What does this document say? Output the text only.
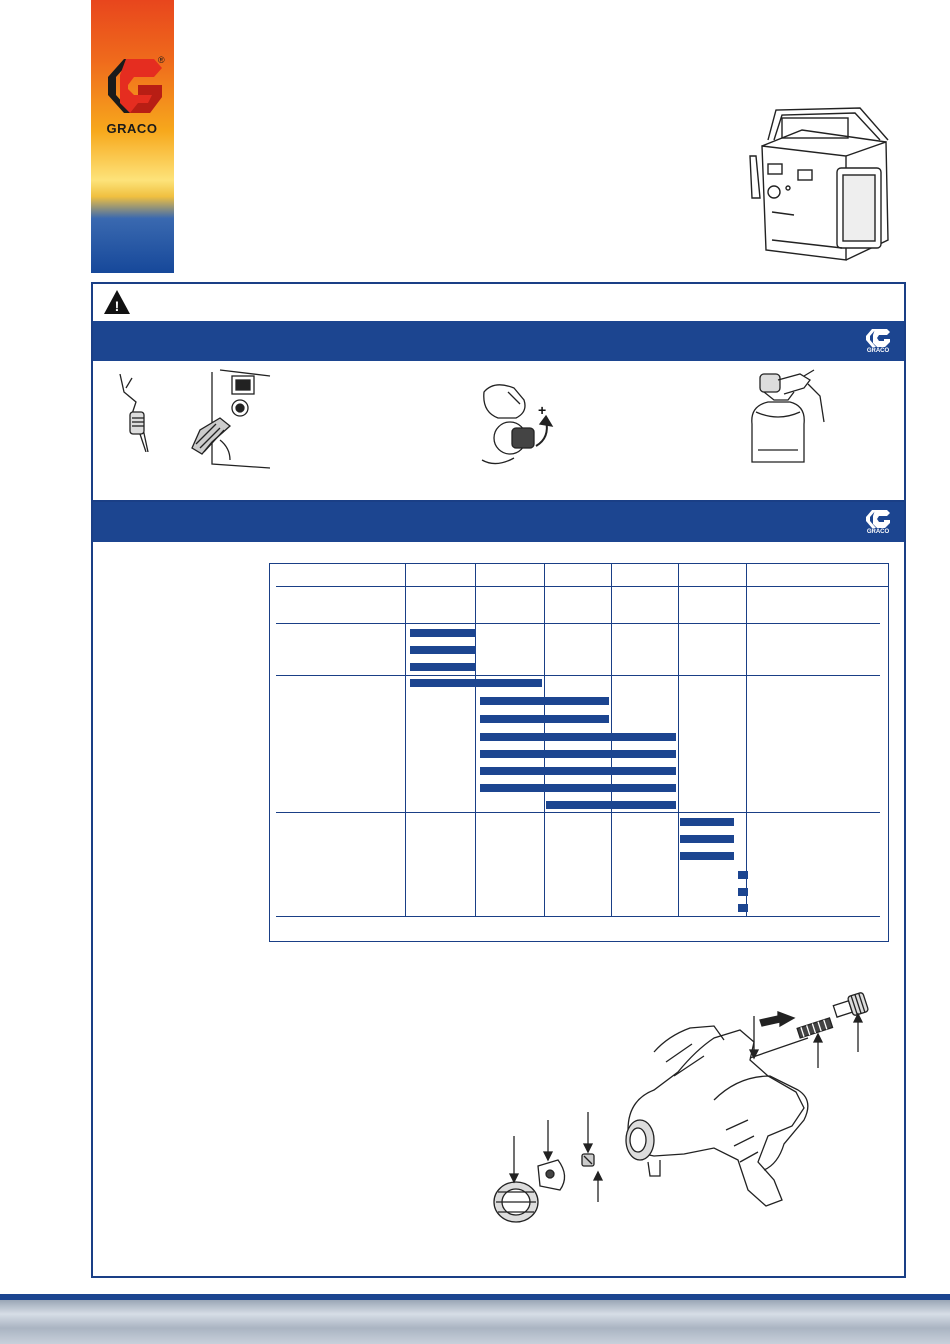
GRACO
®
!
GRACO
+
GRACO
